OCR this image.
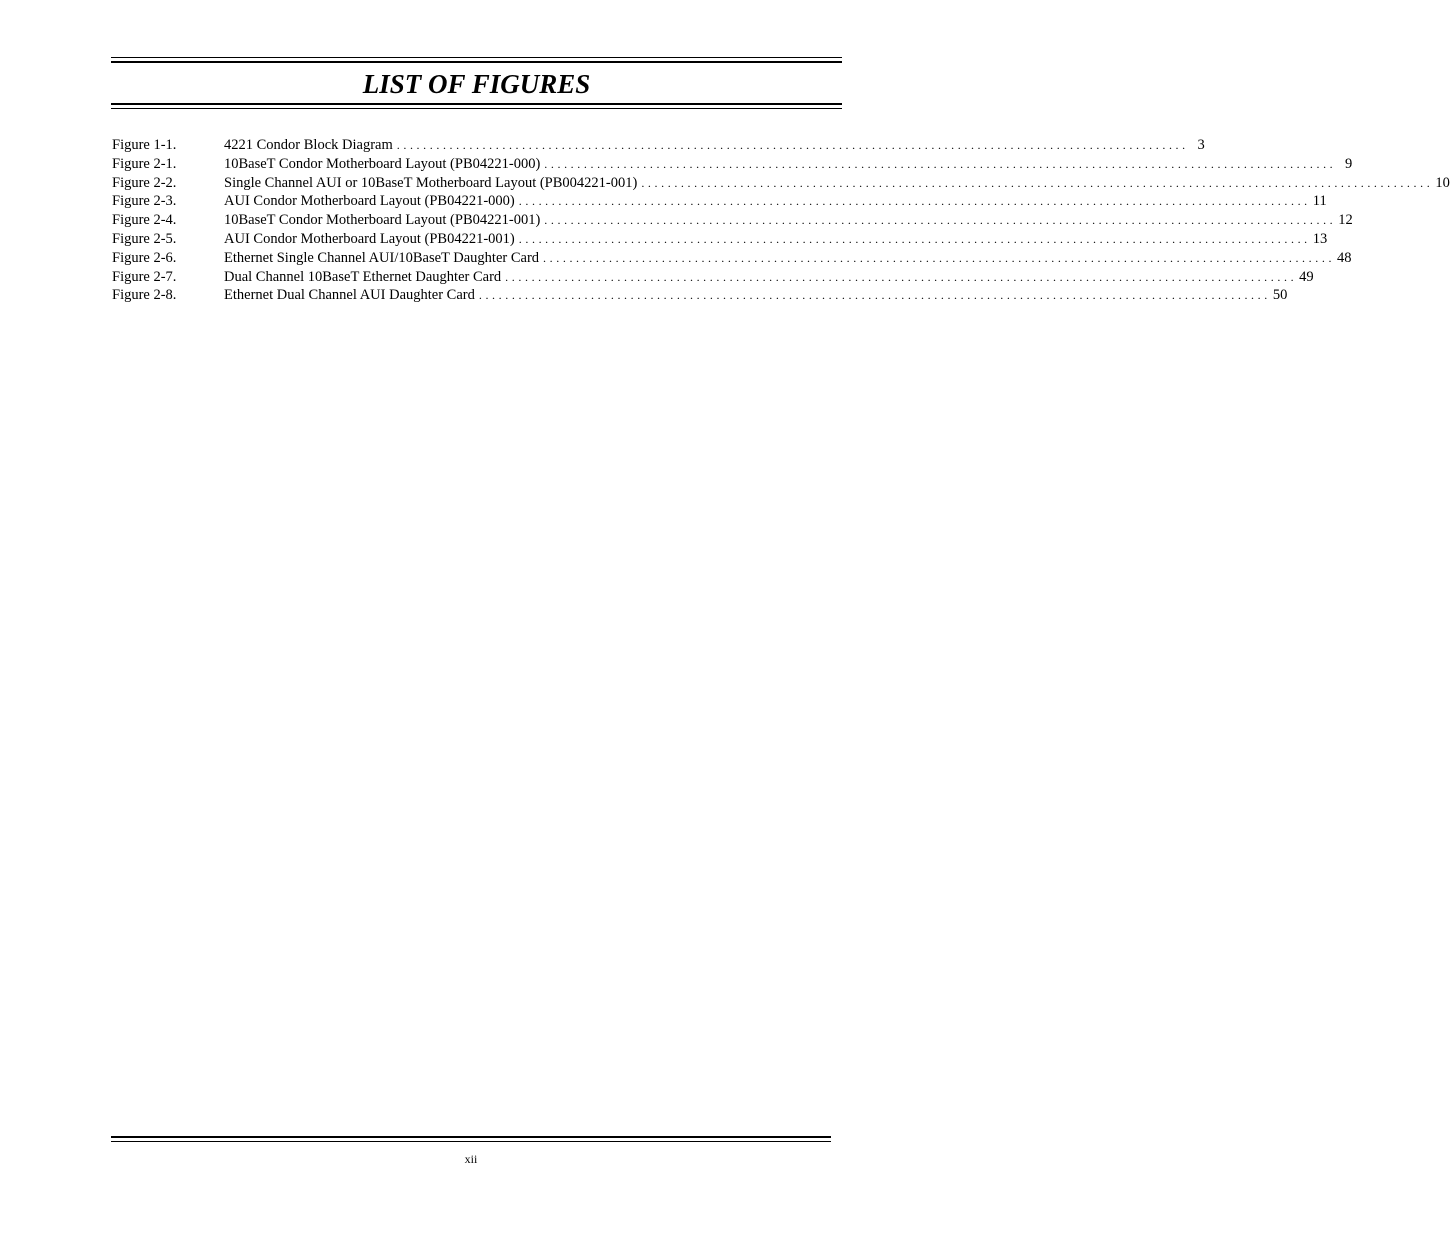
LIST OF FIGURES
Figure 1-1.	4221 Condor Block Diagram ........................................................................................................................ 3
Figure 2-1.	10BaseT Condor Motherboard Layout (PB04221-000) ........................................................................................................................ 9
Figure 2-2.	Single Channel AUI or 10BaseT Motherboard Layout (PB004221-001) ........................................................................................................................ 10
Figure 2-3.	AUI Condor Motherboard Layout (PB04221-000) ........................................................................................................................ 11
Figure 2-4.	10BaseT Condor Motherboard Layout (PB04221-001) ........................................................................................................................ 12
Figure 2-5.	AUI Condor Motherboard Layout (PB04221-001) ........................................................................................................................ 13
Figure 2-6.	Ethernet Single Channel AUI/10BaseT Daughter Card ........................................................................................................................ 48
Figure 2-7.	Dual Channel 10BaseT Ethernet Daughter Card ........................................................................................................................ 49
Figure 2-8.	Ethernet Dual Channel AUI Daughter Card ........................................................................................................................ 50
xii
